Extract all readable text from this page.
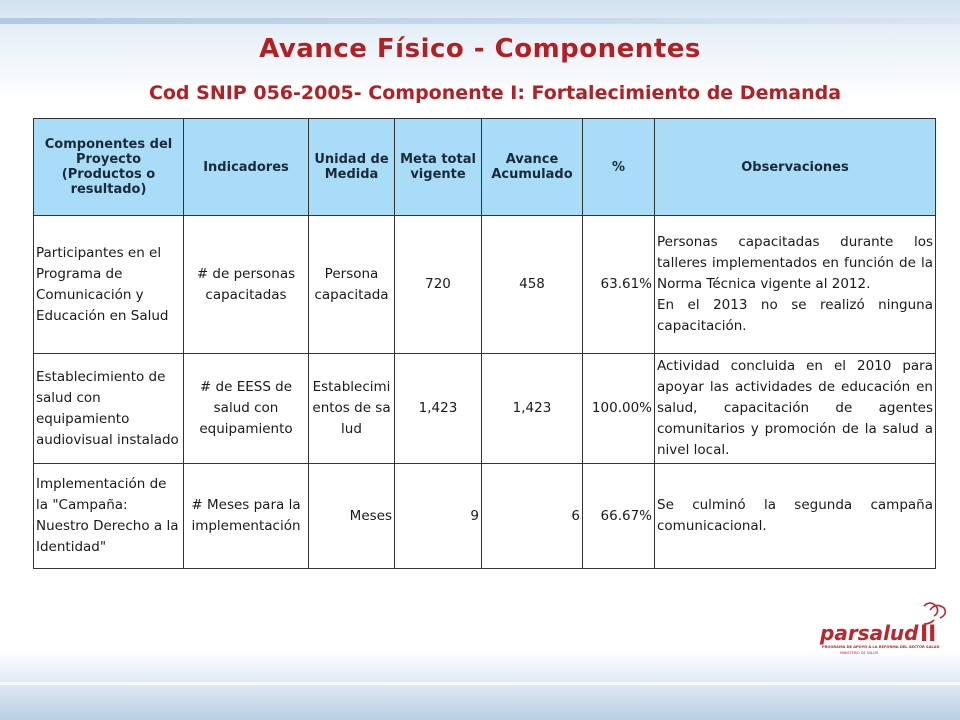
Avance Físico - Componentes
Cod SNIP 056-2005- Componente I: Fortalecimiento de Demanda
Componentes del Proyecto (Productos o resultado)	Indicadores	Unidad de Medida	Meta total vigente	Avance Acumulado	%	Observaciones
Participantes en el Programa de Comunicación y Educación en Salud	# de personas capacitadas	Persona capacitada	720	458	63.61%	Personas capacitadas durante los talleres implementados en función de la Norma Técnica vigente al 2012.
En el 2013 no se realizó ninguna capacitación.

Establecimiento de salud con equipamiento audiovisual instalado	# de EESS de salud con equipamiento	Establecimientos de salud	1,423	1,423	100.00%	Actividad concluida en el 2010 para apoyar las actividades de educación en salud, capacitación de agentes comunitarios y promoción de la salud a nivel local.

Implementación de la "Campaña: Nuestro Derecho a la Identidad"	# Meses para la implementación	Meses	9	6	66.67%	Se culminó la segunda campaña comunicacional.
parsalud II
PROGRAMA DE APOYO A LA REFORMA DEL SECTOR SALUD
MINISTERIO DE SALUD
